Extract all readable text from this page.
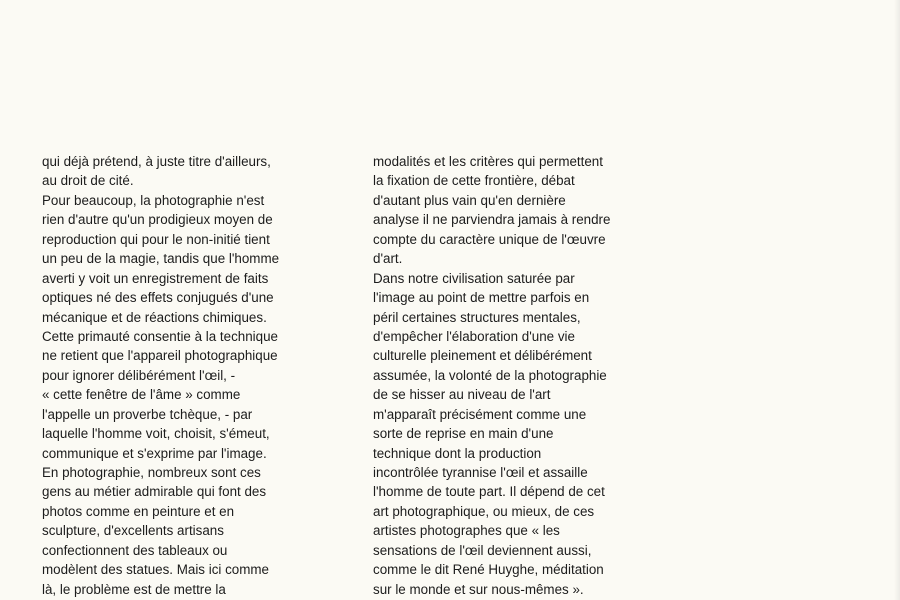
qui déjà prétend, à juste titre d'ailleurs,
au droit de cité.
Pour beaucoup, la photographie n'est
rien d'autre qu'un prodigieux moyen de
reproduction qui pour le non-initié tient
un peu de la magie, tandis que l'homme
averti y voit un enregistrement de faits
optiques né des effets conjugués d'une
mécanique et de réactions chimiques.
Cette primauté consentie à la technique
ne retient que l'appareil photographique
pour ignorer délibérément l'œil, -
« cette fenêtre de l'âme » comme
l'appelle un proverbe tchèque, - par
laquelle l'homme voit, choisit, s'émeut,
communique et s'exprime par l'image.
En photographie, nombreux sont ces
gens au métier admirable qui font des
photos comme en peinture et en
sculpture, d'excellents artisans
confectionnent des tableaux ou
modèlent des statues. Mais ici comme
là, le problème est de mettre la
modalités et les critères qui permettent
la fixation de cette frontière, débat
d'autant plus vain qu'en dernière
analyse il ne parviendra jamais à rendre
compte du caractère unique de l'œuvre
d'art.
Dans notre civilisation saturée par
l'image au point de mettre parfois en
péril certaines structures mentales,
d'empêcher l'élaboration d'une vie
culturelle pleinement et délibérément
assumée, la volonté de la photographie
de se hisser au niveau de l'art
m'apparaît précisément comme une
sorte de reprise en main d'une
technique dont la production
incontrôlée tyrannise l'œil et assaille
l'homme de toute part. Il dépend de cet
art photographique, ou mieux, de ces
artistes photographes que « les
sensations de l'œil deviennent aussi,
comme le dit René Huyghe, méditation
sur le monde et sur nous-mêmes ».
